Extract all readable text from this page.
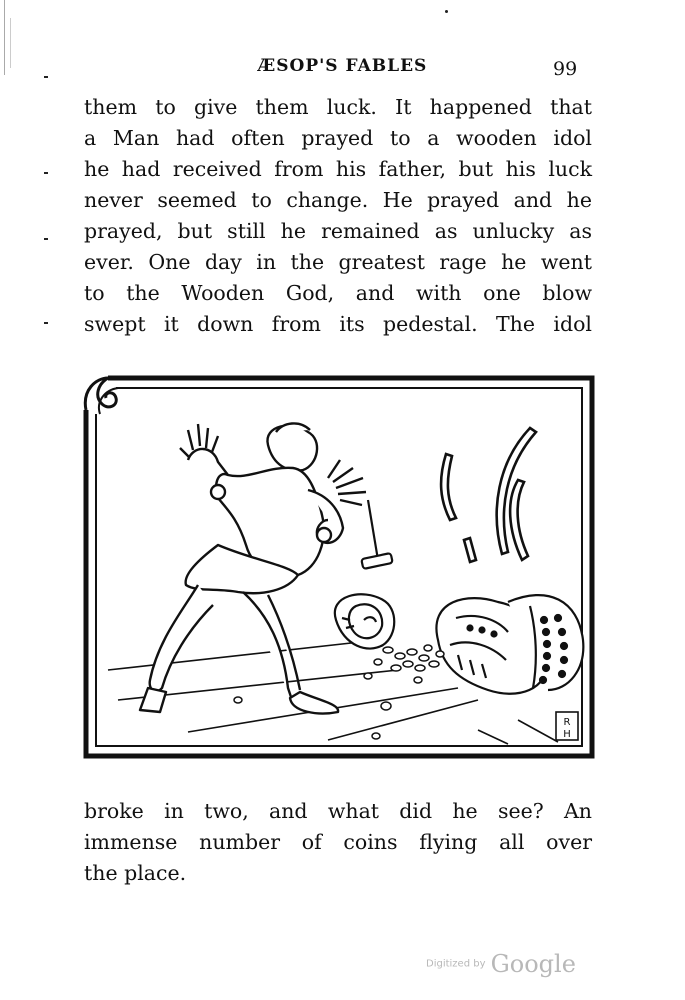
ÆSOP'S FABLES	99
them to give them luck. It happened that
a Man had often prayed to a wooden idol
he had received from his father, but his luck
never seemed to change. He prayed and he
prayed, but still he remained as unlucky as
ever. One day in the greatest rage he went
to the Wooden God, and with one blow
swept it down from its pedestal. The idol
R
H
broke in two, and what did he see? An
immense number of coins flying all over
the place.
Digitized by Google
